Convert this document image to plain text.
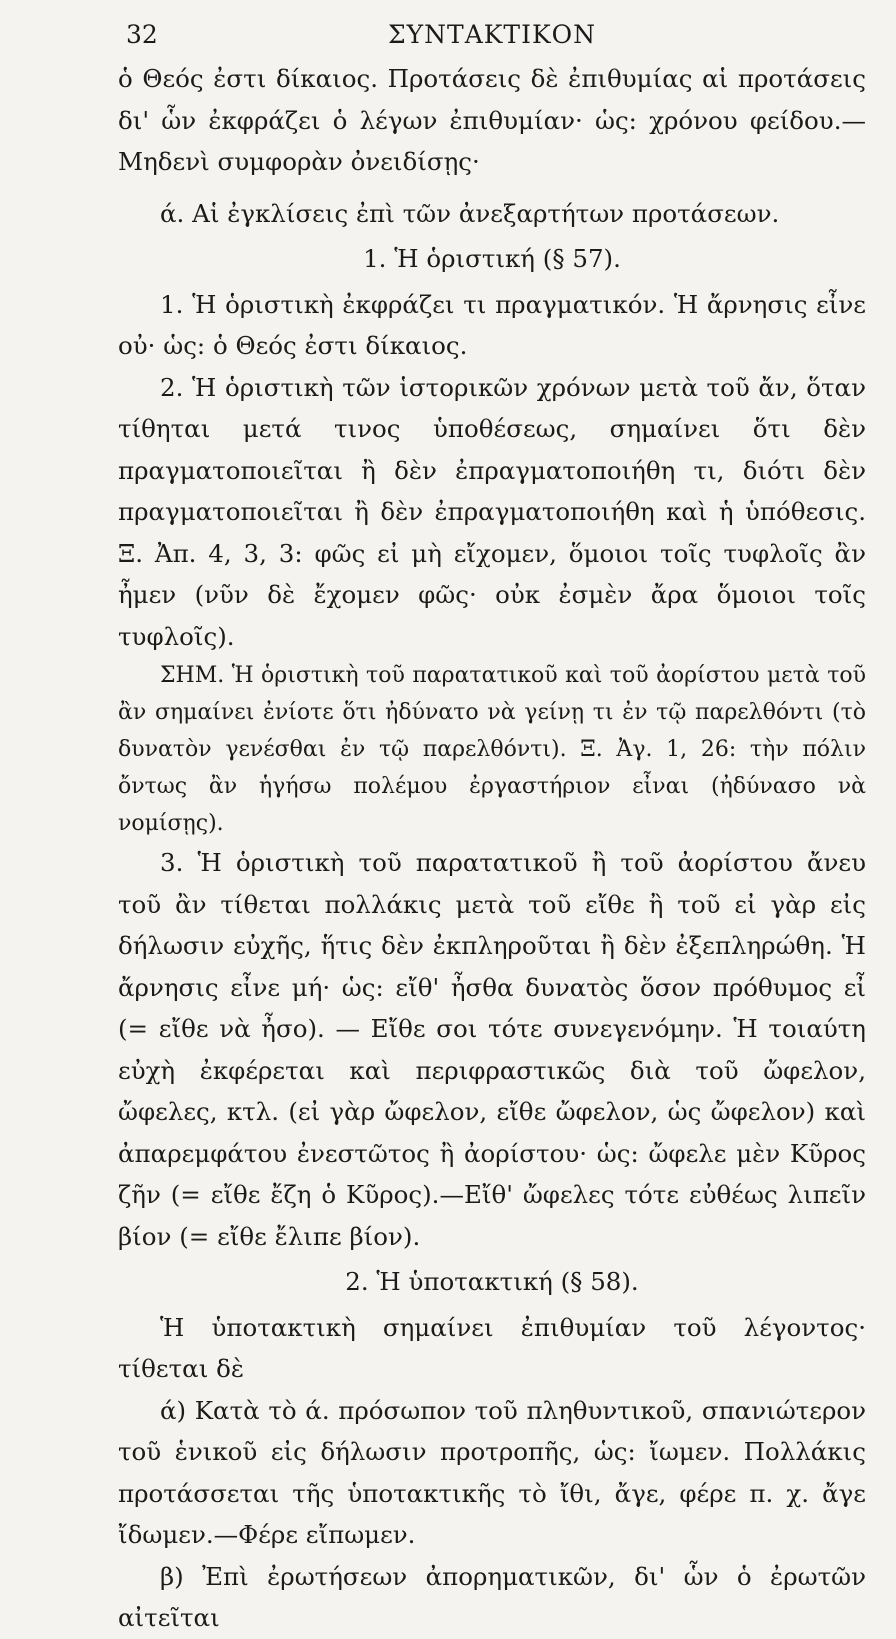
32	ΣΥΝΤΑΚΤΙΚΟΝ

ὁ Θεός ἐστι δίκαιος. Προτάσεις δὲ ἐπιθυμίας αἱ προτάσεις δι' ὧν ἐκφράζει ὁ λέγων ἐπιθυμίαν· ὡς: χρόνου φείδου.—Μηδενὶ συμφορὰν ὀνειδίσῃς·

ά. Αἱ ἐγκλίσεις ἐπὶ τῶν ἀνεξαρτήτων προτάσεων.

1. Ἡ ὁριστική (§ 57).

1. Ἡ ὁριστικὴ ἐκφράζει τι πραγματικόν. Ἡ ἄρνησις εἶνε οὐ· ὡς: ὁ Θεός ἐστι δίκαιος.

2. Ἡ ὁριστικὴ τῶν ἱστορικῶν χρόνων μετὰ τοῦ ἄν, ὅταν τίθηται μετά τινος ὑποθέσεως, σημαίνει ὅτι δὲν πραγματοποιεῖται ἢ δὲν ἐπραγματοποιήθη τι, διότι δὲν πραγματοποιεῖται ἢ δὲν ἐπραγματοποιήθη καὶ ἡ ὑπόθεσις. Ξ. Ἀπ. 4, 3, 3: φῶς εἰ μὴ εἴχομεν, ὅμοιοι τοῖς τυφλοῖς ἂν ἦμεν (νῦν δὲ ἔχομεν φῶς· οὐκ ἐσμὲν ἄρα ὅμοιοι τοῖς τυφλοῖς).

ΣΗΜ. Ἡ ὁριστικὴ τοῦ παρατατικοῦ καὶ τοῦ ἀορίστου μετὰ τοῦ ἂν σημαίνει ἐνίοτε ὅτι ἠδύνατο νὰ γείνῃ τι ἐν τῷ παρελθόντι (τὸ δυνατὸν γενέσθαι ἐν τῷ παρελθόντι). Ξ. Ἀγ. 1, 26: τὴν πόλιν ὄντως ἂν ἡγήσω πολέμου ἐργαστήριον εἶναι (ἠδύνασο νὰ νομίσῃς).

3. Ἡ ὁριστικὴ τοῦ παρατατικοῦ ἢ τοῦ ἀορίστου ἄνευ τοῦ ἂν τίθεται πολλάκις μετὰ τοῦ εἴθε ἢ τοῦ εἰ γὰρ εἰς δήλωσιν εὐχῆς, ἥτις δὲν ἐκπληροῦται ἢ δὲν ἐξεπληρώθη. Ἡ ἄρνησις εἶνε μή· ὡς: εἴθ' ἦσθα δυνατὸς ὅσον πρόθυμος εἶ (= εἴθε νὰ ἦσο). — Εἴθε σοι τότε συνεγενόμην. Ἡ τοιαύτη εὐχὴ ἐκφέρεται καὶ περιφραστικῶς διὰ τοῦ ὤφελον, ὤφελες, κτλ. (εἰ γὰρ ὤφελον, εἴθε ὤφελον, ὡς ὤφελον) καὶ ἀπαρεμφάτου ἐνεστῶτος ἢ ἀορίστου· ὡς: ὤφελε μὲν Κῦρος ζῆν (= εἴθε ἔζη ὁ Κῦρος).—Εἴθ' ὤφελες τότε εὐθέως λιπεῖν βίον (= εἴθε ἔλιπε βίον).

2. Ἡ ὑποτακτική (§ 58).

Ἡ ὑποτακτικὴ σημαίνει ἐπιθυμίαν τοῦ λέγοντος· τίθεται δὲ

ά) Κατὰ τὸ ά. πρόσωπον τοῦ πληθυντικοῦ, σπανιώτερον τοῦ ἑνικοῦ εἰς δήλωσιν προτροπῆς, ὡς: ἴωμεν. Πολλάκις προτάσσεται τῆς ὑποτακτικῆς τὸ ἴθι, ἄγε, φέρε π. χ. ἄγε ἴδωμεν.—Φέρε εἴπωμεν.

β) Ἐπὶ ἐρωτήσεων ἀπορηματικῶν, δι' ὧν ὁ ἐρωτῶν αἰτεῖται
